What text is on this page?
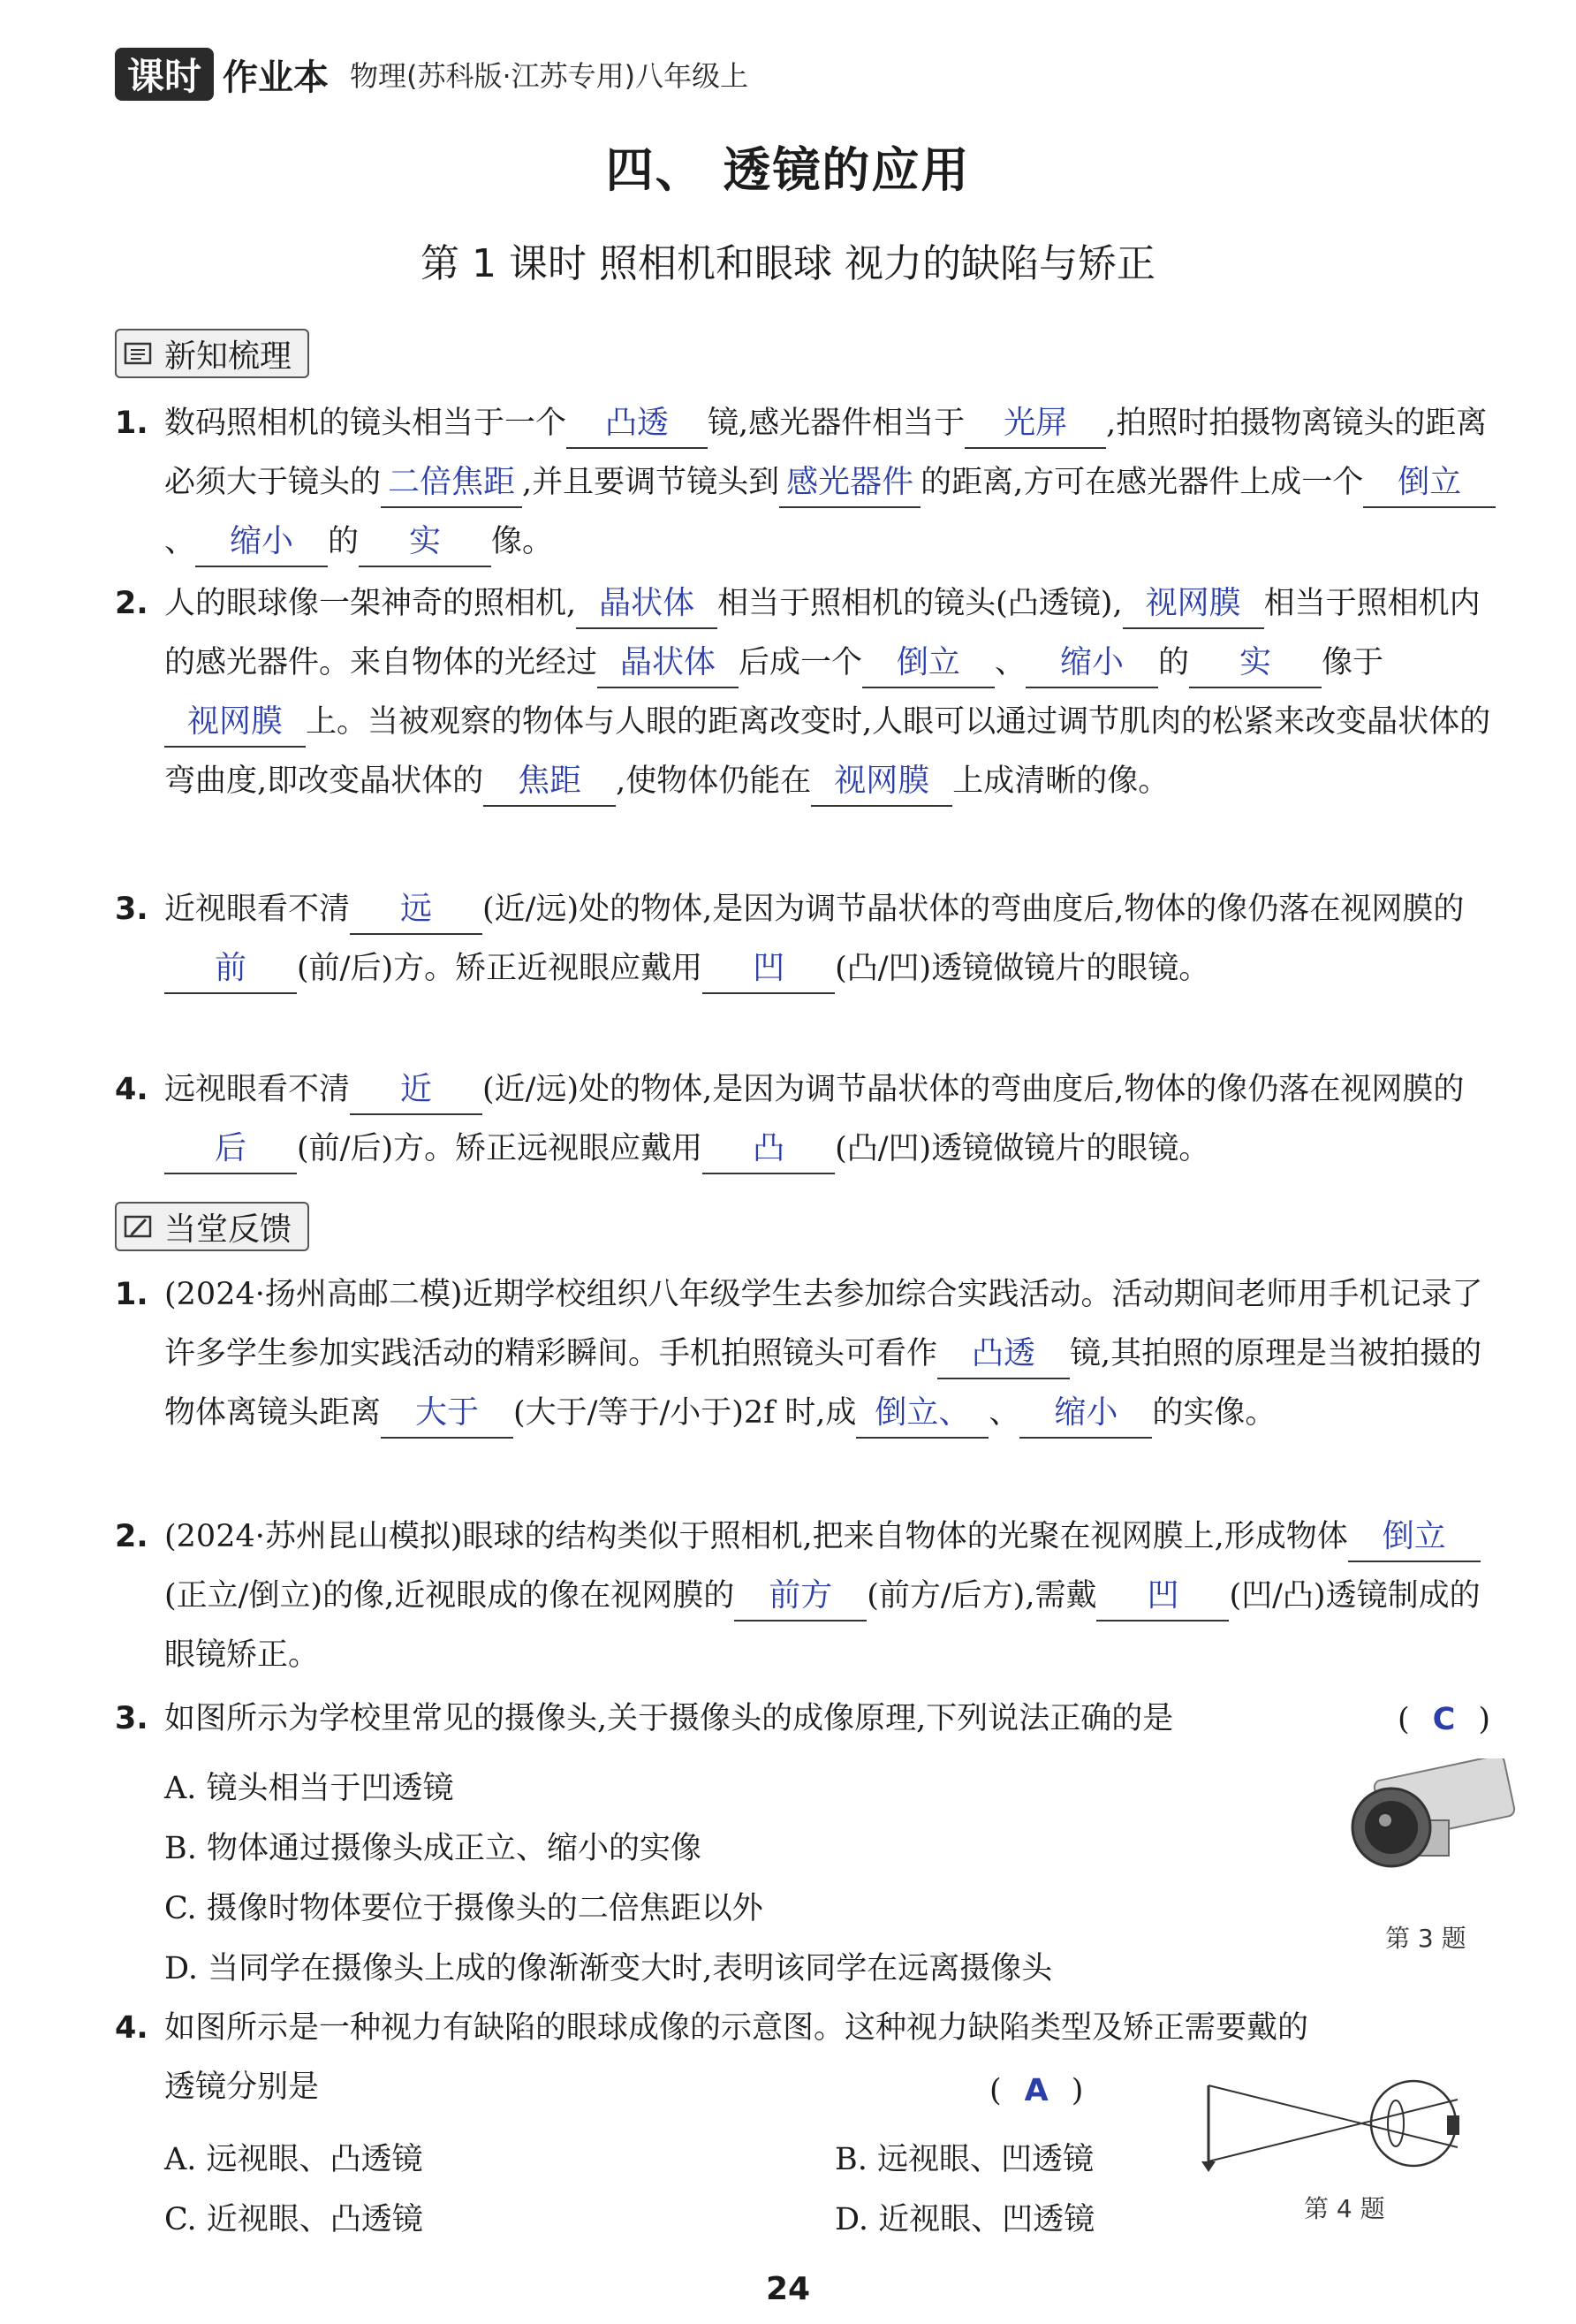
课时 作业本 物理(苏科版·江苏专用)八年级上
四、 透镜的应用
第 1 课时 照相机和眼球 视力的缺陷与矫正
新知梳理
1. 数码照相机的镜头相当于一个 凸透 镜,感光器件相当于 光屏 ,拍照时拍摄物离镜头的距离必须大于镜头的 二倍焦距 ,并且要调节镜头到 感光器件 的距离,方可在感光器件上成一个 倒立、 缩小 的 实 像。
2. 人的眼球像一架神奇的照相机, 晶状体 相当于照相机的镜头(凸透镜), 视网膜 相当于照相机内的感光器件。来自物体的光经过 晶状体 后成一个 倒立 、 缩小 的 实 像于视网膜 上。当被观察的物体与人眼的距离改变时,人眼可以通过调节肌肉的松紧来改变晶状体的弯曲度,即改变晶状体的 焦距 ,使物体仍能在 视网膜 上成清晰的像。
3. 近视眼看不清 远 (近/远)处的物体,是因为调节晶状体的弯曲度后,物体的像仍落在视网膜的前 (前/后)方。矫正近视眼应戴用 凹 (凸/凹)透镜做镜片的眼镜。
4. 远视眼看不清 近 (近/远)处的物体,是因为调节晶状体的弯曲度后,物体的像仍落在视网膜的后 (前/后)方。矫正远视眼应戴用 凸 (凸/凹)透镜做镜片的眼镜。
当堂反馈
1. (2024·扬州高邮二模)近期学校组织八年级学生去参加综合实践活动。活动期间老师用手机记录了许多学生参加实践活动的精彩瞬间。手机拍照镜头可看作 凸透 镜,其拍照的原理是当被拍摄的物体离镜头距离 大于 (大于/等于/小于)2f 时,成 倒立、 、 缩小 的实像。
2. (2024·苏州昆山模拟)眼球的结构类似于照相机,把来自物体的光聚在视网膜上,形成物体 倒立(正立/倒立)的像,近视眼成的像在视网膜的 前方 (前方/后方),需戴 凹 (凹/凸)透镜制成的眼镜矫正。
3. 如图所示为学校里常见的摄像头,关于摄像头的成像原理,下列说法正确的是	( C )
A. 镜头相当于凹透镜
B. 物体通过摄像头成正立、缩小的实像
C. 摄像时物体要位于摄像头的二倍焦距以外
D. 当同学在摄像头上成的像渐渐变大时,表明该同学在远离摄像头
第 3 题
4. 如图所示是一种视力有缺陷的眼球成像的示意图。这种视力缺陷类型及矫正需要戴的
透镜分别是	( A )
A. 远视眼、凸透镜	B. 远视眼、凹透镜
C. 近视眼、凸透镜	D. 近视眼、凹透镜	第 4 题
24
